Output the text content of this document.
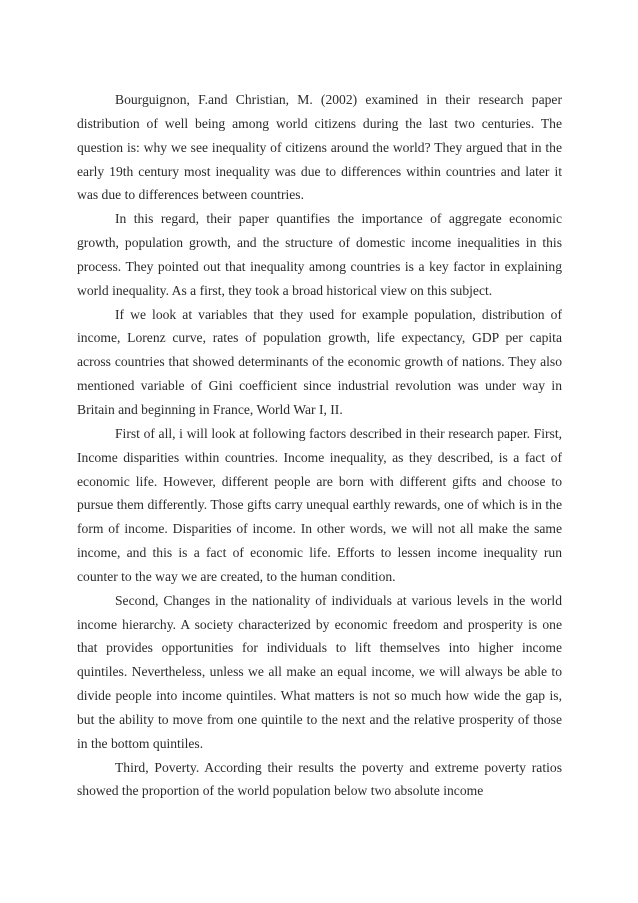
Bourguignon, F.and Christian, M. (2002) examined in their research paper distribution of well being among world citizens during the last two centuries. The question is: why we see inequality of citizens around the world? They argued that in the early 19th century most inequality was due to differences within countries and later it was due to differences between countries.

In this regard, their paper quantifies the importance of aggregate economic growth, population growth, and the structure of domestic income inequalities in this process. They pointed out that inequality among countries is a key factor in explaining world inequality. As a first, they took a broad historical view on this subject.

If we look at variables that they used for example population, distribution of income, Lorenz curve, rates of population growth, life expectancy, GDP per capita across countries that showed determinants of the economic growth of nations. They also mentioned variable of Gini coefficient since industrial revolution was under way in Britain and beginning in France, World War I, II.

First of all, i will look at following factors described in their research paper. First, Income disparities within countries. Income inequality, as they described, is a fact of economic life. However, different people are born with different gifts and choose to pursue them differently. Those gifts carry unequal earthly rewards, one of which is in the form of income. Disparities of income. In other words, we will not all make the same income, and this is a fact of economic life. Efforts to lessen income inequality run counter to the way we are created, to the human condition.

Second, Changes in the nationality of individuals at various levels in the world income hierarchy. A society characterized by economic freedom and prosperity is one that provides opportunities for individuals to lift themselves into higher income quintiles. Nevertheless, unless we all make an equal income, we will always be able to divide people into income quintiles. What matters is not so much how wide the gap is, but the ability to move from one quintile to the next and the relative prosperity of those in the bottom quintiles.

Third, Poverty. According their results the poverty and extreme poverty ratios showed the proportion of the world population below two absolute income
